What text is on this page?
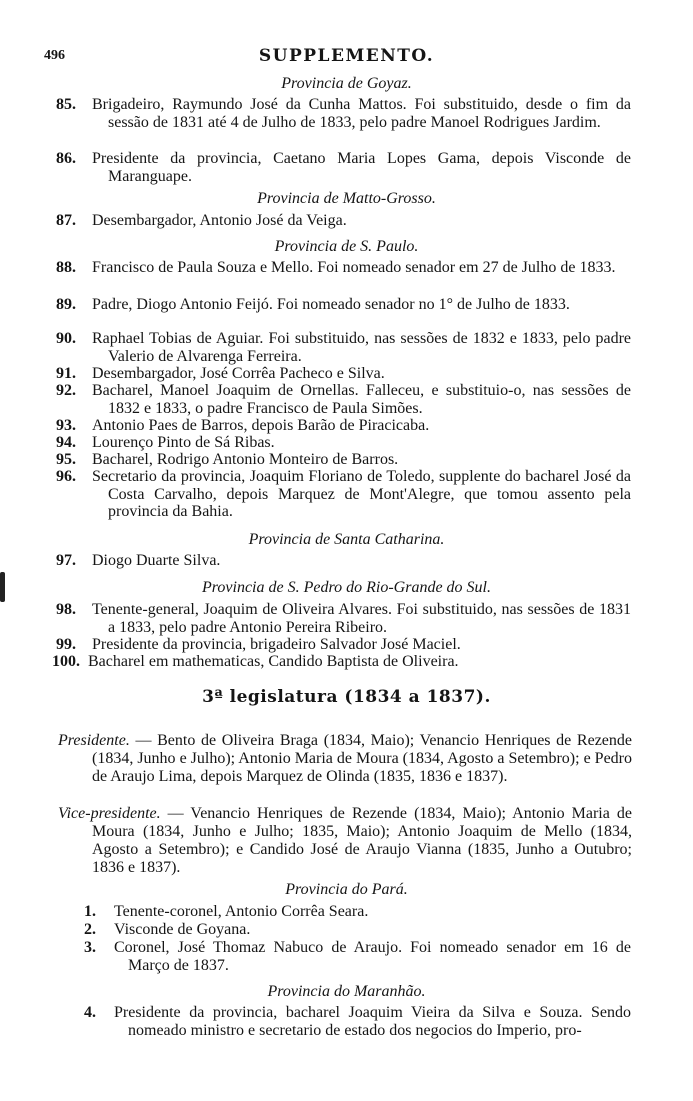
496	SUPPLEMENTO.
Provincia de Goyaz.
85.	Brigadeiro, Raymundo José da Cunha Mattos. Foi substituido, desde o fim da sessão de 1831 até 4 de Julho de 1833, pelo padre Manoel Rodrigues Jardim.
86.	Presidente da provincia, Caetano Maria Lopes Gama, depois Visconde de Maranguape.
Provincia de Matto-Grosso.
87.	Desembargador, Antonio José da Veiga.
Provincia de S. Paulo.
88.	Francisco de Paula Souza e Mello. Foi nomeado senador em 27 de Julho de 1833.
89.	Padre, Diogo Antonio Feijó. Foi nomeado senador no 1° de Julho de 1833.
90.	Raphael Tobias de Aguiar. Foi substituido, nas sessões de 1832 e 1833, pelo padre Valerio de Alvarenga Ferreira.
91.	Desembargador, José Corrêa Pacheco e Silva.
92.	Bacharel, Manoel Joaquim de Ornellas. Falleceu, e substituio-o, nas sessões de 1832 e 1833, o padre Francisco de Paula Simões.
93.	Antonio Paes de Barros, depois Barão de Piracicaba.
94.	Lourenço Pinto de Sá Ribas.
95.	Bacharel, Rodrigo Antonio Monteiro de Barros.
96.	Secretario da provincia, Joaquim Floriano de Toledo, supplente do bacharel José da Costa Carvalho, depois Marquez de Mont'Alegre, que tomou assento pela provincia da Bahia.
Provincia de Santa Catharina.
97.	Diogo Duarte Silva.
Provincia de S. Pedro do Rio-Grande do Sul.
98.	Tenente-general, Joaquim de Oliveira Alvares. Foi substituido, nas sessões de 1831 a 1833, pelo padre Antonio Pereira Ribeiro.
99.	Presidente da provincia, brigadeiro Salvador José Maciel.
100. Bacharel em mathematicas, Candido Baptista de Oliveira.
3ª legislatura (1834 a 1837).
Presidente. — Bento de Oliveira Braga (1834, Maio); Venancio Henriques de Rezende (1834, Junho e Julho); Antonio Maria de Moura (1834, Agosto a Setembro); e Pedro de Araujo Lima, depois Marquez de Olinda (1835, 1836 e 1837).
Vice-presidente. — Venancio Henriques de Rezende (1834, Maio); Antonio Maria de Moura (1834, Junho e Julho; 1835, Maio); Antonio Joaquim de Mello (1834, Agosto a Setembro); e Candido José de Araujo Vianna (1835, Junho a Outubro; 1836 e 1837).
Provincia do Pará.
1.	Tenente-coronel, Antonio Corrêa Seara.
2.	Visconde de Goyana.
3.	Coronel, José Thomaz Nabuco de Araujo. Foi nomeado senador em 16 de Março de 1837.
Provincia do Maranhão.
4.	Presidente da provincia, bacharel Joaquim Vieira da Silva e Souza. Sendo nomeado ministro e secretario de estado dos negocios do Imperio, pro-
